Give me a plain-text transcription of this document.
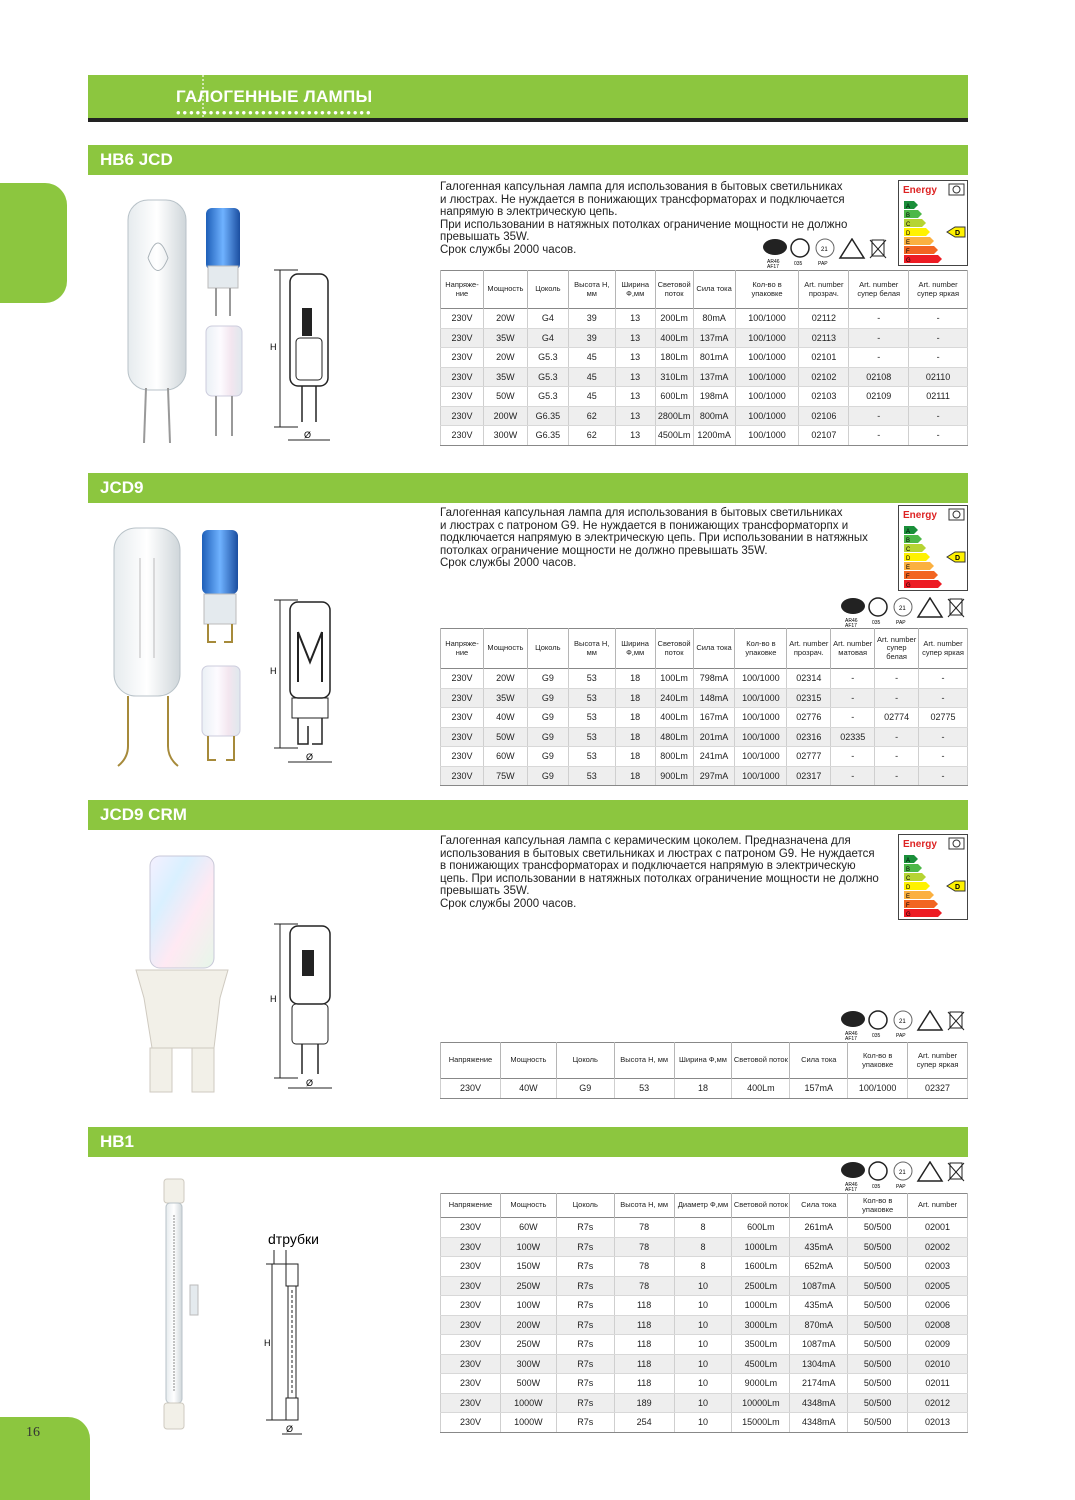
16
ГАЛОГЕННЫЕ ЛАМПЫ
••••••••••••••••••••••••••••••
HB6 JCD
H
Ø

Галогенная капсульная лампа для использования в бытовых светильниках

и люстрах. Не нуждается в понижающих трансформаторах и подключается

напрямую в электрическую цепь.

При использовании в натяжных потолках ограничение мощности не должно

превышать 35W.

Срок службы 2000 часов.

Energy
A
B
C
D
E
F
G
D
AR46
AF17	035
21
PAP
Напряже-ние	Мощность	Цоколь	Высота H, мм	Ширина Ф,мм	Световой поток	Сила тока	Кол-во в упаковке	Art. number прозрач.	Art. number супер белая	Art. number супер яркая
230V	20W	G4	39	13	200Lm	80mA	100/1000	02112	-	-
230V	35W	G4	39	13	400Lm	137mA	100/1000	02113	-	-
230V	20W	G5.3	45	13	180Lm	801mA	100/1000	02101	-	-
230V	35W	G5.3	45	13	310Lm	137mA	100/1000	02102	02108	02110
230V	50W	G5.3	45	13	600Lm	198mA	100/1000	02103	02109	02111
230V	200W	G6.35	62	13	2800Lm	800mA	100/1000	02106	-	-
230V	300W	G6.35	62	13	4500Lm	1200mA	100/1000	02107	-	-
JCD9
H
Ø

Галогенная капсульная лампа для использования в бытовых светильниках

и люстрах с патроном G9. Не нуждается в понижающих трансформаторпх и

подключается напрямую в электрическую цепь. При использовании в натяжных

потолках ограничение мощности не должно превышать 35W.

Срок службы 2000 часов.

Energy
A
B
C
D
E
F
G
D
AR46
AF17	035
21
PAP
Напряже-ние	Мощность	Цоколь	Высота H, мм	Ширина Ф,мм	Световой поток	Сила тока	Кол-во в упаковке	Art. number прозрач.	Art. number матовая	Art. number супер белая	Art. number супер яркая
230V	20W	G9	53	18	100Lm	798mA	100/1000	02314	-	-	-
230V	35W	G9	53	18	240Lm	148mA	100/1000	02315	-	-	-
230V	40W	G9	53	18	400Lm	167mA	100/1000	02776	-	02774	02775
230V	50W	G9	53	18	480Lm	201mA	100/1000	02316	02335	-	-
230V	60W	G9	53	18	800Lm	241mA	100/1000	02777	-	-	-
230V	75W	G9	53	18	900Lm	297mA	100/1000	02317	-	-	-
JCD9 CRM
H
Ø

Галогенная капсульная лампа с керамическим цоколем. Предназначена для

использования в бытовых светильниках и люстрах с патроном G9. Не нуждается

в понижающих трансформаторах и подключается напрямую в электрическую

цепь. При использовании в натяжных потолках ограничение мощности не должно

превышать 35W.

Срок службы 2000 часов.

Energy
A
B
C
D
E
F
G
D
AR46
AF17	035
21
PAP
Напряжение	Мощность	Цоколь	Высота H, мм	Ширина Ф,мм	Световой поток	Сила тока	Кол-во в упаковке	Art. number супер яркая
230V	40W	G9	53	18	400Lm	157mA	100/1000	02327
HB1
dтрубки
H
Ø
AR46
AF17	035
21
PAP
Напряжение	Мощность	Цоколь	Высота H, мм	Диаметр Ф,мм	Световой поток	Сила тока	Кол-во в упаковке	Art. number
230V	60W	R7s	78	8	600Lm	261mA	50/500	02001
230V	100W	R7s	78	8	1000Lm	435mA	50/500	02002
230V	150W	R7s	78	8	1600Lm	652mA	50/500	02003
230V	250W	R7s	78	10	2500Lm	1087mA	50/500	02005
230V	100W	R7s	118	10	1000Lm	435mA	50/500	02006
230V	200W	R7s	118	10	3000Lm	870mA	50/500	02008
230V	250W	R7s	118	10	3500Lm	1087mA	50/500	02009
230V	300W	R7s	118	10	4500Lm	1304mA	50/500	02010
230V	500W	R7s	118	10	9000Lm	2174mA	50/500	02011
230V	1000W	R7s	189	10	10000Lm	4348mA	50/500	02012
230V	1000W	R7s	254	10	15000Lm	4348mA	50/500	02013
